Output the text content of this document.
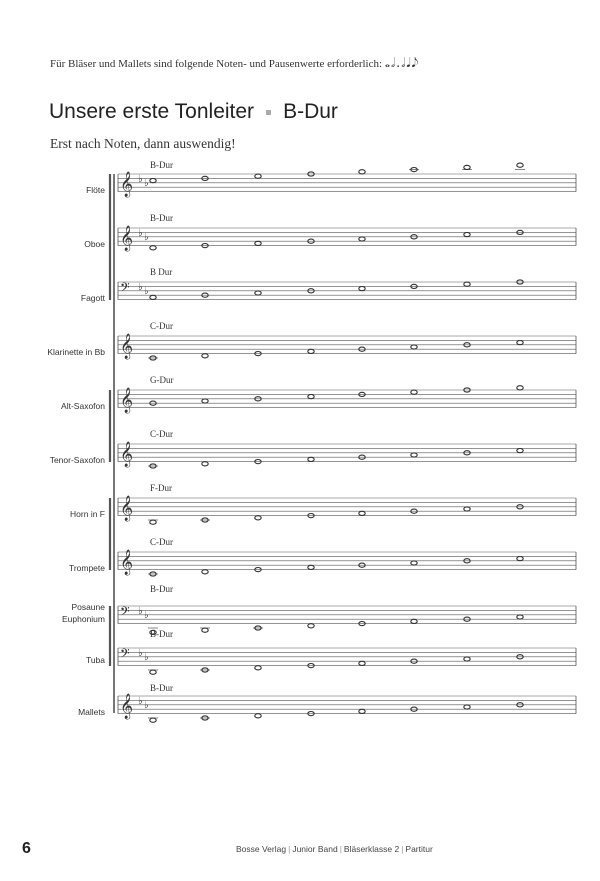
Für Bläser und Mallets sind folgende Noten- und Pausenwerte erforderlich: 𝅝𝅗𝅥.𝅗𝅥𝅘𝅥𝅘𝅥𝅮
Unsere erste Tonleiter B-Dur
Erst nach Noten, dann auswendig!
Flöte
B-Dur
Oboe
B-Dur
Fagott
B Dur
Klarinette in Bb
C-Dur
Alt-Saxofon
G-Dur
Tenor-Saxofon
C-Dur
Horn in F
F-Dur
Trompete
C-Dur
Posaune
Euphonium
B-Dur
Tuba
B-Dur
Mallets
B-Dur
𝄞 ♭ ♭
𝄞 ♭ ♭
𝄢 ♭ ♭
𝄞
𝄞
𝄞
𝄞
𝄞
𝄢 ♭ ♭
𝄢 ♭ ♭
𝄞 ♭ ♭
6	Bosse Verlag | Junior Band | Bläserklasse 2 | Partitur
